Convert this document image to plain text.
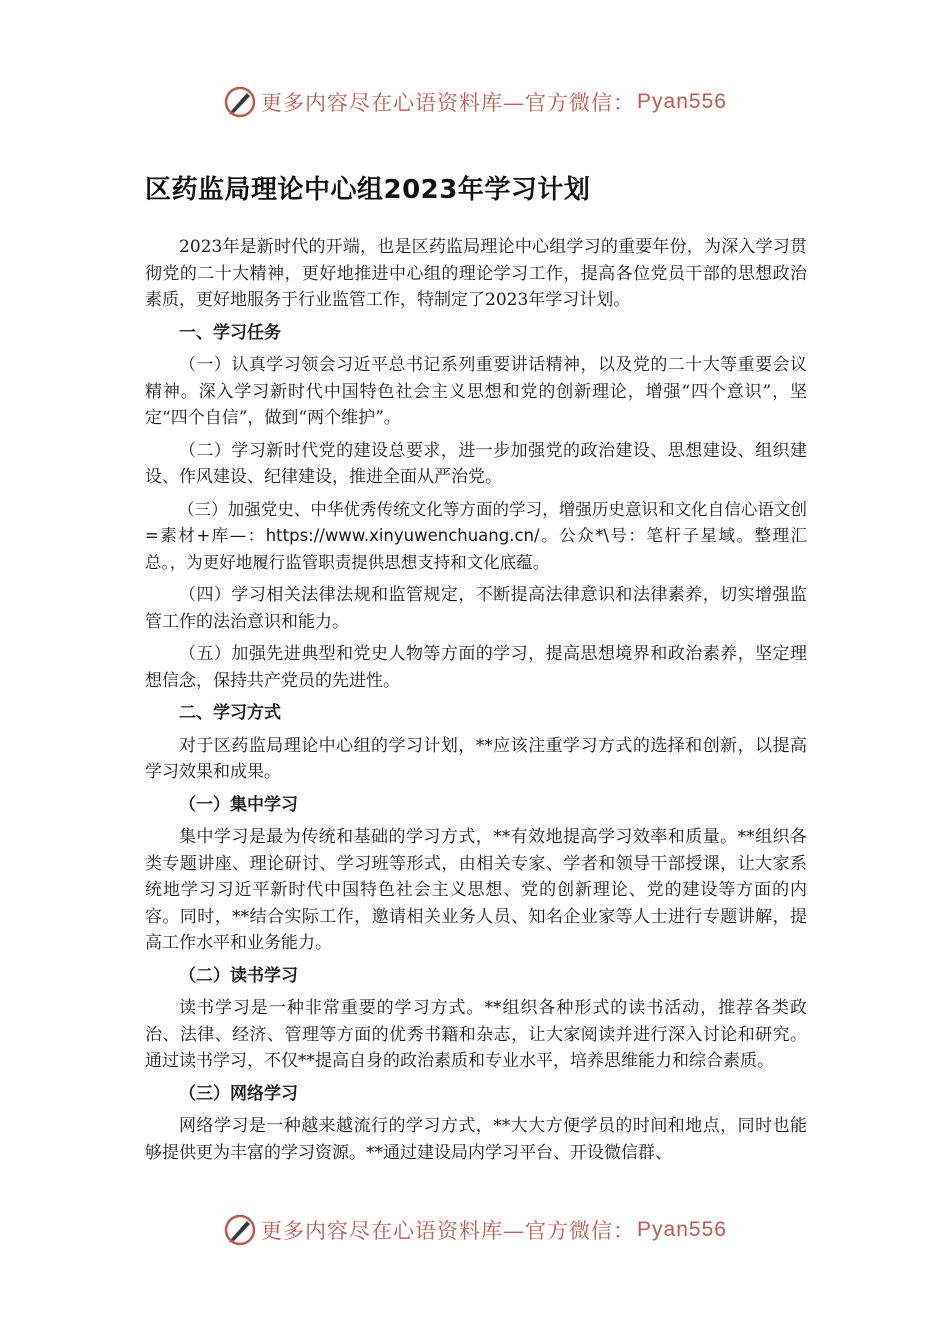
更多内容尽在心语资料库—官方微信： Pyan556
区药监局理论中心组2023年学习计划

2023年是新时代的开端，也是区药监局理论中心组学习的重要年份，为深入学习贯彻党的二十大精神，更好地推进中心组的理论学习工作，提高各位党员干部的思想政治素质，更好地服务于行业监管工作，特制定了2023年学习计划。

一、学习任务

（一）认真学习领会习近平总书记系列重要讲话精神，以及党的二十大等重要会议精神。深入学习新时代中国特色社会主义思想和党的创新理论，增强“四个意识”，坚定“四个自信”，做到“两个维护”。

（二）学习新时代党的建设总要求，进一步加强党的政治建设、思想建设、组织建设、作风建设、纪律建设，推进全面从严治党。

（三）加强党史、中华优秀传统文化等方面的学习，增强历史意识和文化自信心语文创=素材+库—：https://www.xinyuwenchuang.cn/。公众*\号：笔杆子星域。整理汇总。，为更好地履行监管职责提供思想支持和文化底蕴。

（四）学习相关法律法规和监管规定，不断提高法律意识和法律素养，切实增强监管工作的法治意识和能力。

（五）加强先进典型和党史人物等方面的学习，提高思想境界和政治素养，坚定理想信念，保持共产党员的先进性。

二、学习方式

对于区药监局理论中心组的学习计划，**应该注重学习方式的选择和创新，以提高学习效果和成果。

（一）集中学习

集中学习是最为传统和基础的学习方式，**有效地提高学习效率和质量。**组织各类专题讲座、理论研讨、学习班等形式，由相关专家、学者和领导干部授课，让大家系统地学习习近平新时代中国特色社会主义思想、党的创新理论、党的建设等方面的内容。同时，**结合实际工作，邀请相关业务人员、知名企业家等人士进行专题讲解，提高工作水平和业务能力。

（二）读书学习

读书学习是一种非常重要的学习方式。**组织各种形式的读书活动，推荐各类政治、法律、经济、管理等方面的优秀书籍和杂志，让大家阅读并进行深入讨论和研究。通过读书学习，不仅**提高自身的政治素质和专业水平，培养思维能力和综合素质。

（三）网络学习

网络学习是一种越来越流行的学习方式，**大大方便学员的时间和地点，同时也能够提供更为丰富的学习资源。**通过建设局内学习平台、开设微信群、

更多内容尽在心语资料库—官方微信： Pyan556
